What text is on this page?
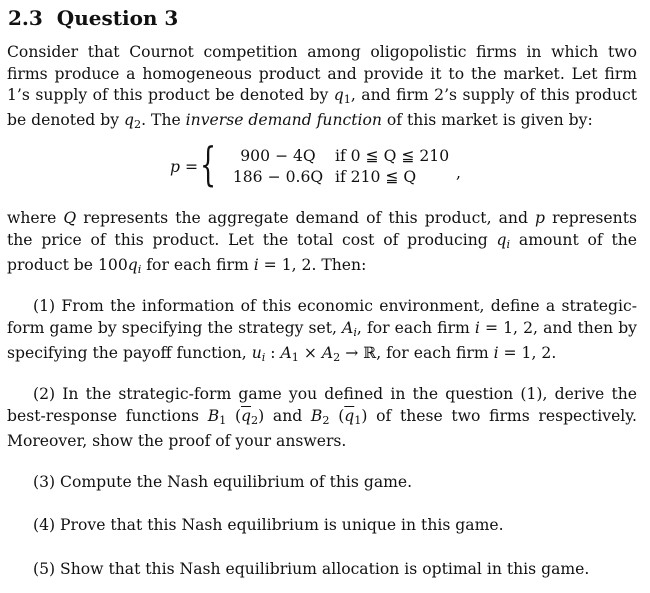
2.3 Question 3
Consider that Cournot competition among oligopolistic firms in which two firms produce a homogeneous product and provide it to the market. Let firm 1’s supply of this product be denoted by $q_1$, and firm 2’s supply of this product be denoted by $q_2$. The inverse demand function of this market is given by:
p = {	900 − 4Q if 0 ≦ Q ≦ 210
186 − 0.6Q if 210 ≦ Q	,
where Q represents the aggregate demand of this product, and p represents the price of this product. Let the total cost of producing $q_i$ amount of the product be $100q_i$ for each firm i = 1, 2. Then:
(1) From the information of this economic environment, define a strategic-form game by specifying the strategy set, $A_i$, for each firm i = 1, 2, and then by specifying the payoff function, $u_i$ : $A_1 \times A_2$ → ℝ, for each firm i = 1, 2.
(2) In the strategic-form game you defined in the question (1), derive the best-response functions $B_1$ $(\overline{q}_2)$ and $B_2$ $(\overline{q}_1)$ of these two firms respectively. Moreover, show the proof of your answers.
(3) Compute the Nash equilibrium of this game.
(4) Prove that this Nash equilibrium is unique in this game.
(5) Show that this Nash equilibrium allocation is optimal in this game.
